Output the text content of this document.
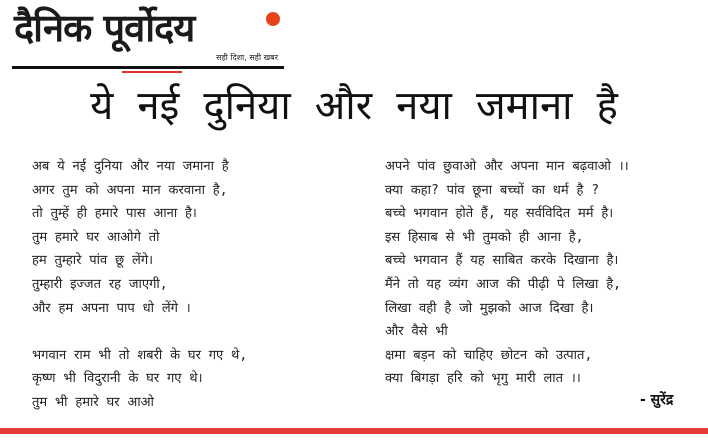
दैनिक पूर्वोदय
सही दिशा, सही खबर
ये नई दुनिया और नया जमाना है
अब ये नई दुनिया और नया जमाना है
अगर तुम को अपना मान करवाना है,
तो तुम्हें ही हमारे पास आना है।
तुम हमारे घर आओगे तो
हम तुम्हारे पांव छू लेंगे।
तुम्हारी इज्जत रह जाएगी,
और हम अपना पाप धो लेंगे ।
भगवान राम भी तो शबरी के घर गए थे,
कृष्ण भी विदुरानी के घर गए थे।
तुम भी हमारे घर आओ
अपने पांव छुवाओ और अपना मान बढ़वाओ ।।
क्या कहा? पांव छूना बच्चों का धर्म है ?
बच्चे भगवान होते हैं, यह सर्वविदित मर्म है।
इस हिसाब से भी तुमको ही आना है,
बच्चे भगवान हैं यह साबित करके दिखाना है।
मैंने तो यह व्यंग आज की पीढ़ी पे लिखा है,
लिखा वही है जो मुझको आज दिखा है।
और वैसे भी
क्षमा बड़न को चाहिए छोटन को उत्पात,
क्या बिगड़ा हरि को भृगु मारी लात ।।
- सुरेंद्र
